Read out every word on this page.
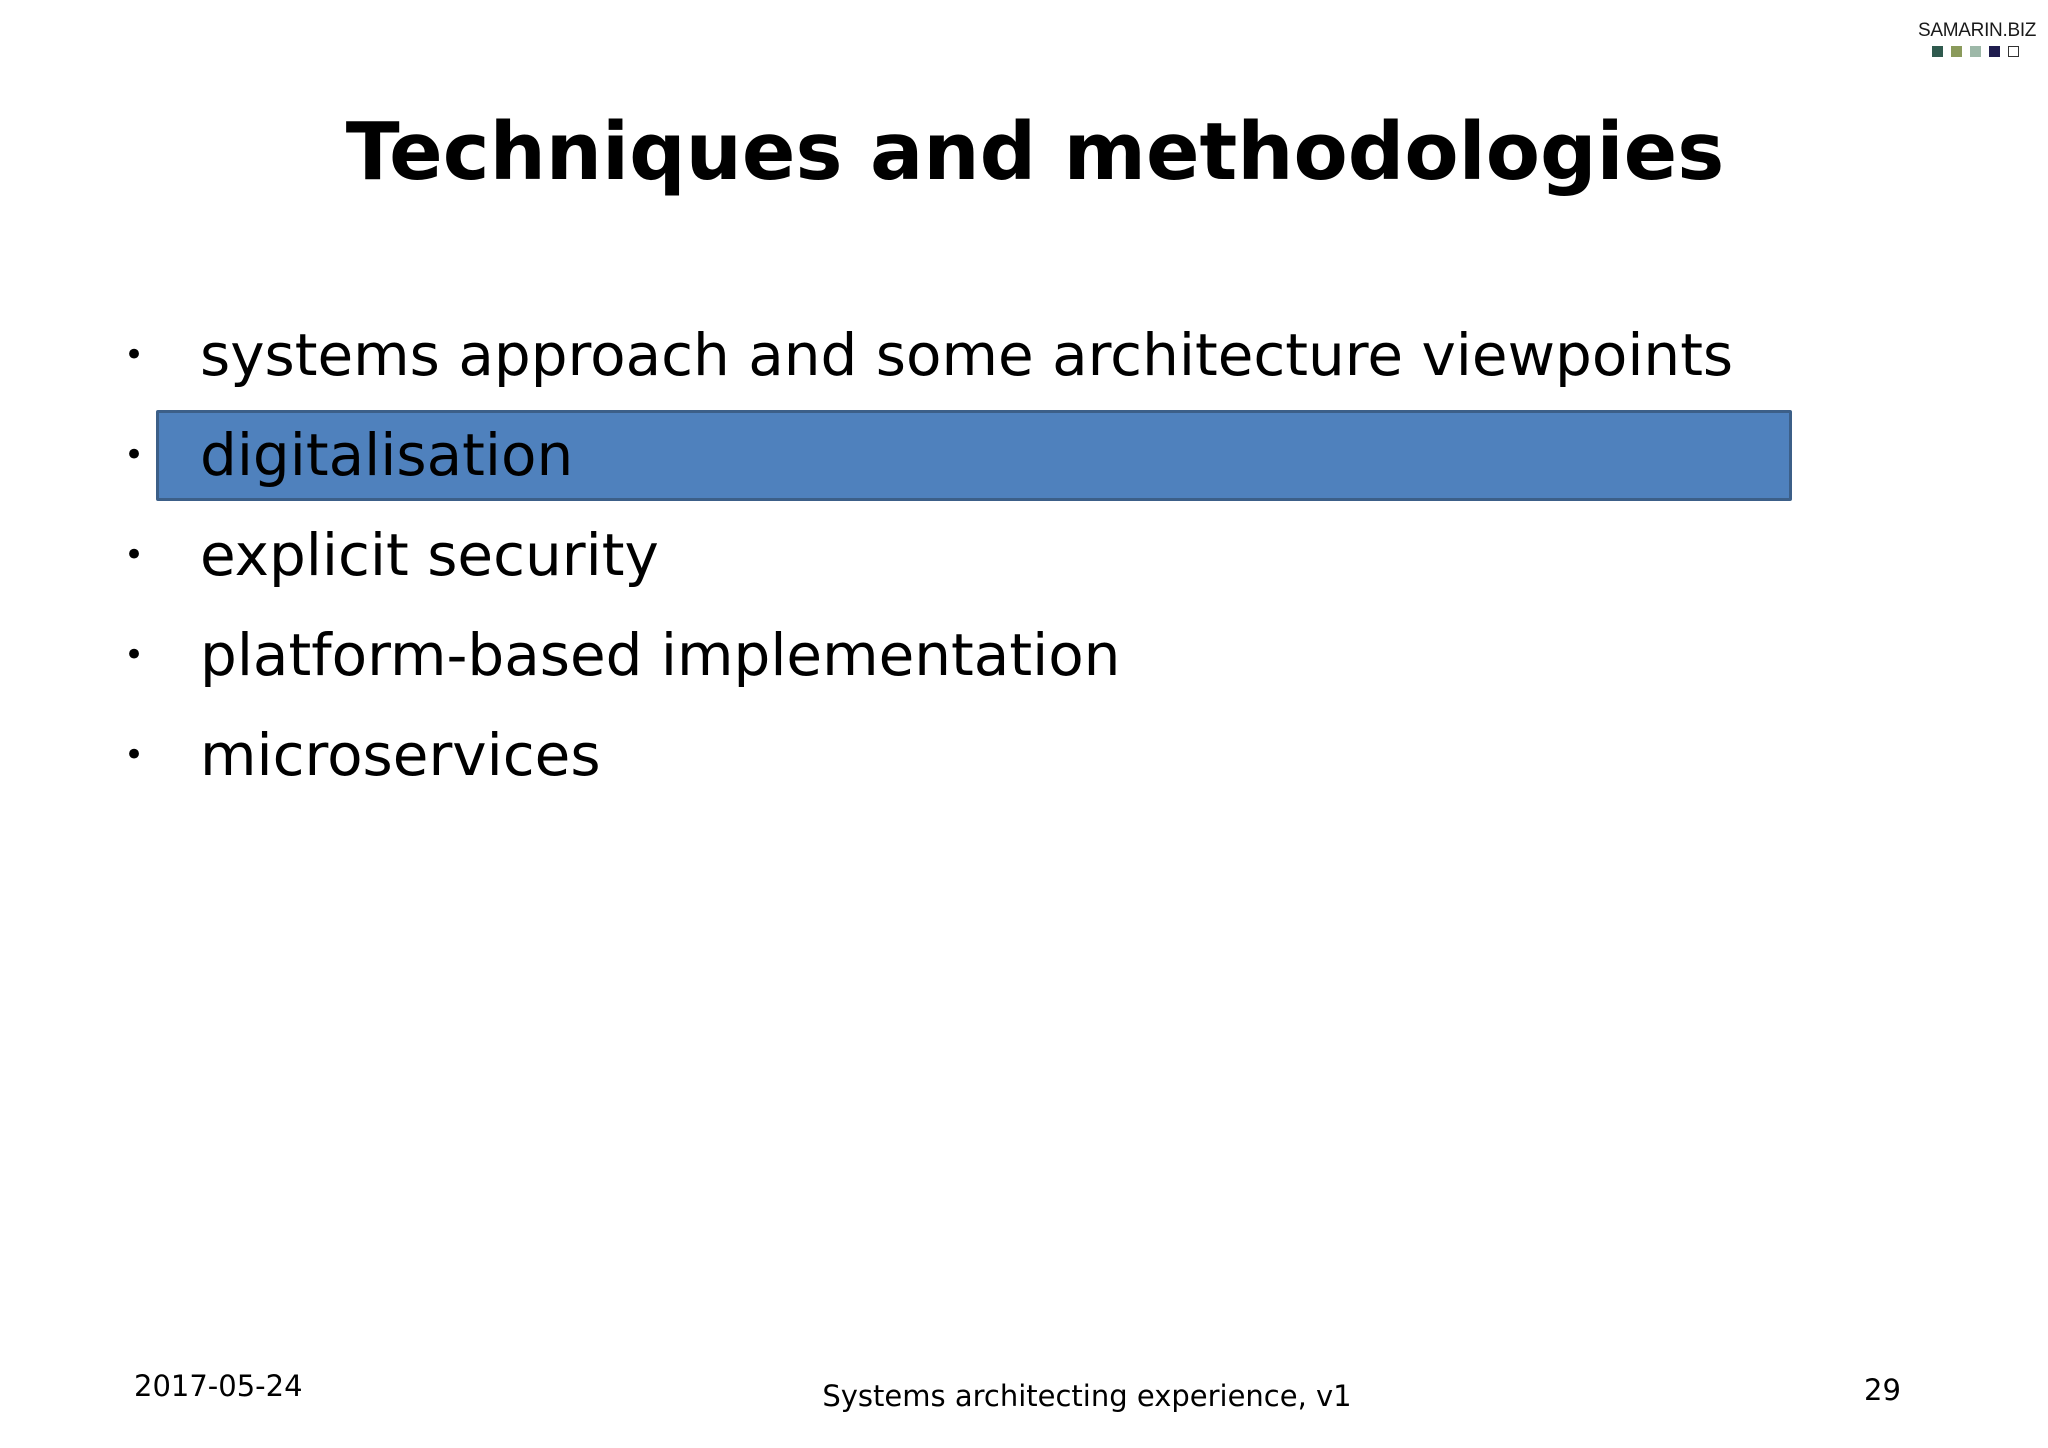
SAMARIN.BIZ
Techniques and methodologies
• systems approach and some architecture viewpoints
• digitalisation
• explicit security
• platform-based implementation
• microservices
2017-05-24	Systems architecting experience, v1	29
